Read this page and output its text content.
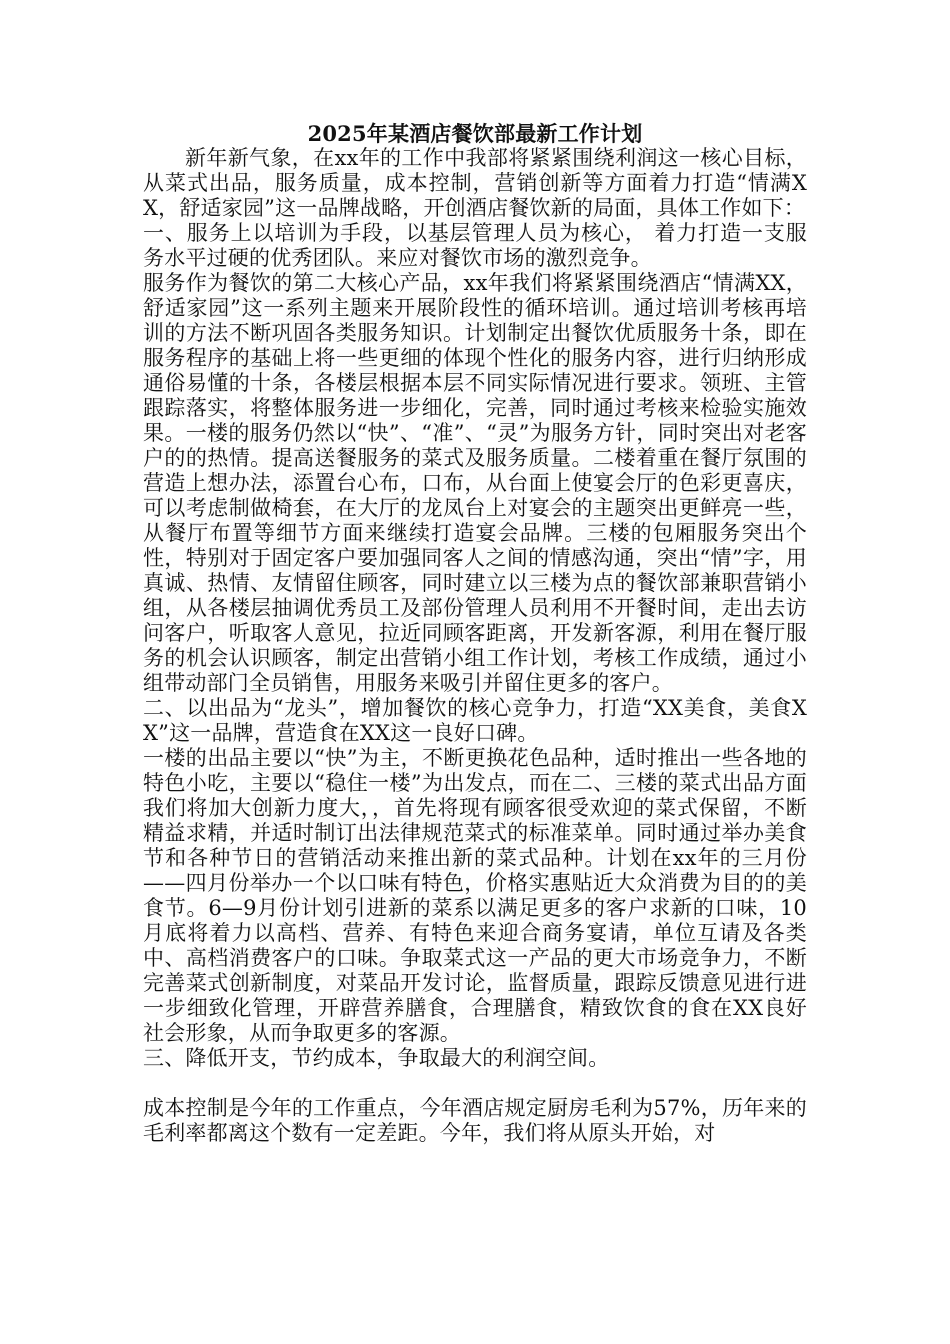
2025年某酒店餐饮部最新工作计划

新年新气象，在xx年的工作中我部将紧紧围绕利润这一核心目标，从菜式出品，服务质量，成本控制，营销创新等方面着力打造“情满XX，舒适家园”这一品牌战略，开创酒店餐饮新的局面，具体工作如下：

一、服务上以培训为手段，以基层管理人员为核心， 着力打造一支服务水平过硬的优秀团队。来应对餐饮市场的激烈竞争。

服务作为餐饮的第二大核心产品，xx年我们将紧紧围绕酒店“情满XX，舒适家园”这一系列主题来开展阶段性的循环培训。通过培训考核再培训的方法不断巩固各类服务知识。计划制定出餐饮优质服务十条，即在服务程序的基础上将一些更细的体现个性化的服务内容，进行归纳形成通俗易懂的十条，各楼层根据本层不同实际情况进行要求。领班、主管跟踪落实，将整体服务进一步细化，完善，同时通过考核来检验实施效果。一楼的服务仍然以“快”、“准”、“灵”为服务方针，同时突出对老客户的的热情。提高送餐服务的菜式及服务质量。二楼着重在餐厅氛围的营造上想办法，添置台心布，口布，从台面上使宴会厅的色彩更喜庆，可以考虑制做椅套，在大厅的龙凤台上对宴会的主题突出更鲜亮一些，从餐厅布置等细节方面来继续打造宴会品牌。三楼的包厢服务突出个性，特别对于固定客户要加强同客人之间的情感沟通，突出“情”字，用真诚、热情、友情留住顾客，同时建立以三楼为点的餐饮部兼职营销小组，从各楼层抽调优秀员工及部份管理人员利用不开餐时间，走出去访问客户，听取客人意见，拉近同顾客距离，开发新客源，利用在餐厅服务的机会认识顾客，制定出营销小组工作计划，考核工作成绩，通过小组带动部门全员销售，用服务来吸引并留住更多的客户。

二、以出品为“龙头”，增加餐饮的核心竞争力，打造“XX美食，美食XX”这一品牌，营造食在XX这一良好口碑。

一楼的出品主要以“快”为主，不断更换花色品种，适时推出一些各地的特色小吃，主要以“稳住一楼”为出发点，而在二、三楼的菜式出品方面我们将加大创新力度大，，首先将现有顾客很受欢迎的菜式保留，不断精益求精，并适时制订出法律规范菜式的标准菜单。同时通过举办美食节和各种节日的营销活动来推出新的菜式品种。计划在xx年的三月份——四月份举办一个以口味有特色，价格实惠贴近大众消费为目的的美食节。6—9月份计划引进新的菜系以满足更多的客户求新的口味，10月底将着力以高档、营养、有特色来迎合商务宴请，单位互请及各类中、高档消费客户的口味。争取菜式这一产品的更大市场竞争力，不断完善菜式创新制度，对菜品开发讨论，监督质量，跟踪反馈意见进行进一步细致化管理，开辟营养膳食，合理膳食，精致饮食的食在XX良好社会形象，从而争取更多的客源。

三、降低开支，节约成本，争取最大的利润空间。

成本控制是今年的工作重点，今年酒店规定厨房毛利为57%，历年来的毛利率都离这个数有一定差距。今年，我们将从原头开始，对
